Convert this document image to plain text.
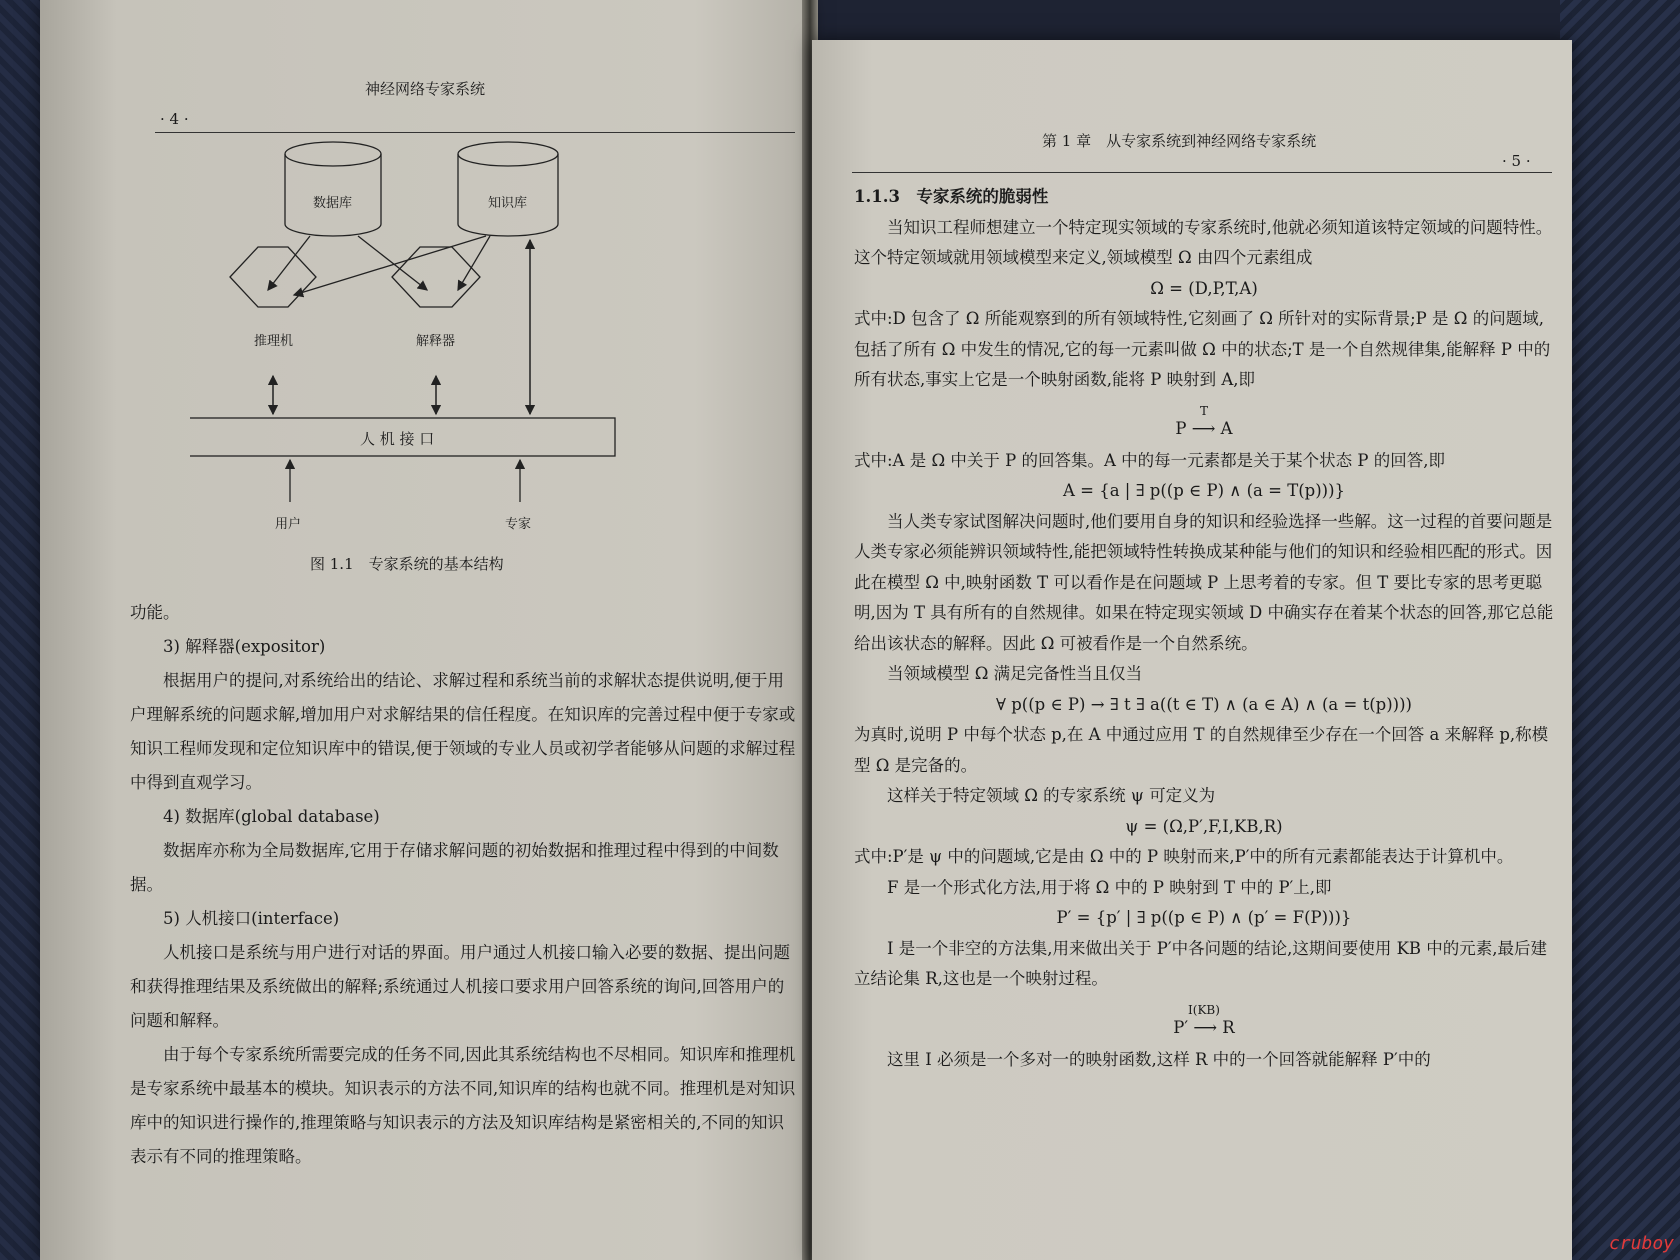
神经网络专家系统
· 4 ·
数据库	知识库
推理机	解释器
人 机 接 口
用户	专家
图 1.1　专家系统的基本结构

功能。

3) 解释器(expositor)

根据用户的提问,对系统给出的结论、求解过程和系统当前的求解状态提供说明,便于用户理解系统的问题求解,增加用户对求解结果的信任程度。在知识库的完善过程中便于专家或知识工程师发现和定位知识库中的错误,便于领域的专业人员或初学者能够从问题的求解过程中得到直观学习。

4) 数据库(global database)

数据库亦称为全局数据库,它用于存储求解问题的初始数据和推理过程中得到的中间数据。

5) 人机接口(interface)

人机接口是系统与用户进行对话的界面。用户通过人机接口输入必要的数据、提出问题和获得推理结果及系统做出的解释;系统通过人机接口要求用户回答系统的询问,回答用户的问题和解释。

由于每个专家系统所需要完成的任务不同,因此其系统结构也不尽相同。知识库和推理机是专家系统中最基本的模块。知识表示的方法不同,知识库的结构也就不同。推理机是对知识库中的知识进行操作的,推理策略与知识表示的方法及知识库结构是紧密相关的,不同的知识表示有不同的推理策略。

第 1 章　从专家系统到神经网络专家系统
· 5 ·

1.1.3　专家系统的脆弱性

当知识工程师想建立一个特定现实领域的专家系统时,他就必须知道该特定领域的问题特性。这个特定领域就用领域模型来定义,领域模型 Ω 由四个元素组成

Ω = (D,P,T,A)

式中:D 包含了 Ω 所能观察到的所有领域特性,它刻画了 Ω 所针对的实际背景;P 是 Ω 的问题域,包括了所有 Ω 中发生的情况,它的每一元素叫做 Ω 中的状态;T 是一个自然规律集,能解释 P 中的所有状态,事实上它是一个映射函数,能将 P 映射到 A,即

T
P ⟶ A

式中:A 是 Ω 中关于 P 的回答集。A 中的每一元素都是关于某个状态 P 的回答,即

A = {a | ∃ p((p ∈ P) ∧ (a = T(p)))}

当人类专家试图解决问题时,他们要用自身的知识和经验选择一些解。这一过程的首要问题是人类专家必须能辨识领域特性,能把领域特性转换成某种能与他们的知识和经验相匹配的形式。因此在模型 Ω 中,映射函数 T 可以看作是在问题域 P 上思考着的专家。但 T 要比专家的思考更聪明,因为 T 具有所有的自然规律。如果在特定现实领域 D 中确实存在着某个状态的回答,那它总能给出该状态的解释。因此 Ω 可被看作是一个自然系统。

当领域模型 Ω 满足完备性当且仅当

∀ p((p ∈ P) → ∃ t ∃ a((t ∈ T) ∧ (a ∈ A) ∧ (a = t(p))))

为真时,说明 P 中每个状态 p,在 A 中通过应用 T 的自然规律至少存在一个回答 a 来解释 p,称模型 Ω 是完备的。

这样关于特定领域 Ω 的专家系统 ψ 可定义为

ψ = (Ω,P′,F,I,KB,R)

式中:P′是 ψ 中的问题域,它是由 Ω 中的 P 映射而来,P′中的所有元素都能表达于计算机中。

F 是一个形式化方法,用于将 Ω 中的 P 映射到 T 中的 P′上,即

P′ = {p′ | ∃ p((p ∈ P) ∧ (p′ = F(P)))}

I 是一个非空的方法集,用来做出关于 P′中各问题的结论,这期间要使用 KB 中的元素,最后建立结论集 R,这也是一个映射过程。

I(KB)
P′ ⟶ R

这里 I 必须是一个多对一的映射函数,这样 R 中的一个回答就能解释 P′中的

cruboy
